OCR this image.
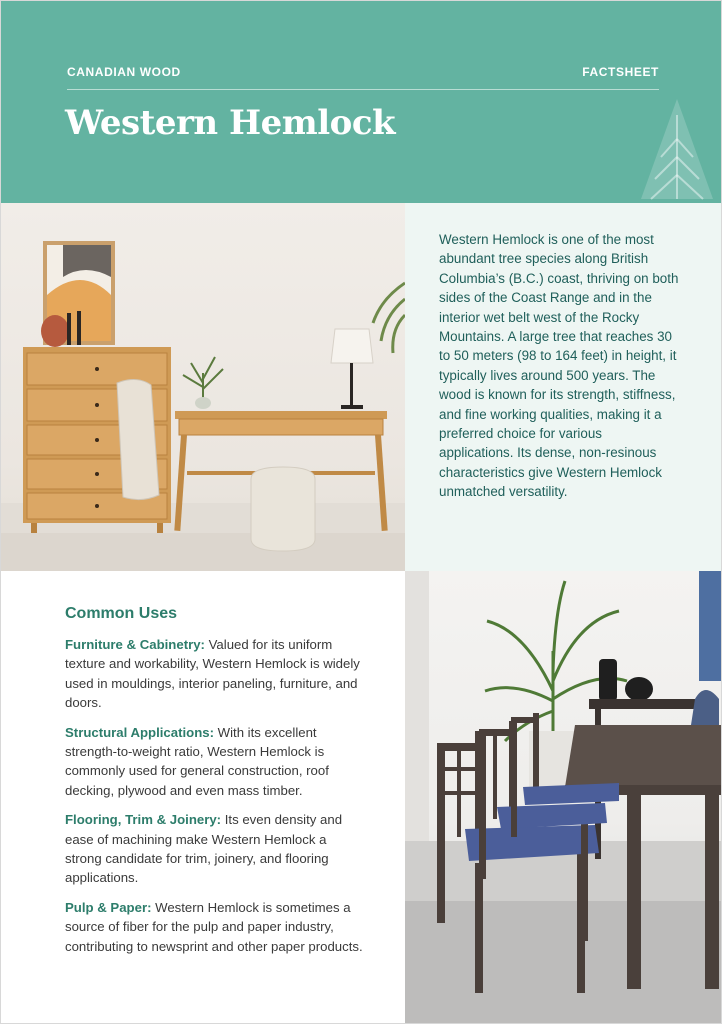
CANADIAN WOOD	FACTSHEET
Western Hemlock

Western Hemlock is one of the most abundant tree species along British Columbia’s (B.C.) coast, thriving on both sides of the Coast Range and in the interior wet belt west of the Rocky Mountains. A large tree that reaches 30 to 50 meters (98 to 164 feet) in height, it typically lives around 500 years. The wood is known for its strength, stiffness, and fine working qualities, making it a preferred choice for various applications. Its dense, non-resinous characteristics give Western Hemlock unmatched versatility.

Common Uses

Furniture & Cabinetry: Valued for its uniform texture and workability, Western Hemlock is widely used in mouldings, interior paneling, furniture, and doors.

Structural Applications: With its excellent strength-to-weight ratio, Western Hemlock is commonly used for general construction, roof decking, plywood and even mass timber.

Flooring, Trim & Joinery: Its even density and ease of machining make Western Hemlock a strong candidate for trim, joinery, and flooring applications.

Pulp & Paper: Western Hemlock is sometimes a source of fiber for the pulp and paper industry, contributing to newsprint and other paper products.
